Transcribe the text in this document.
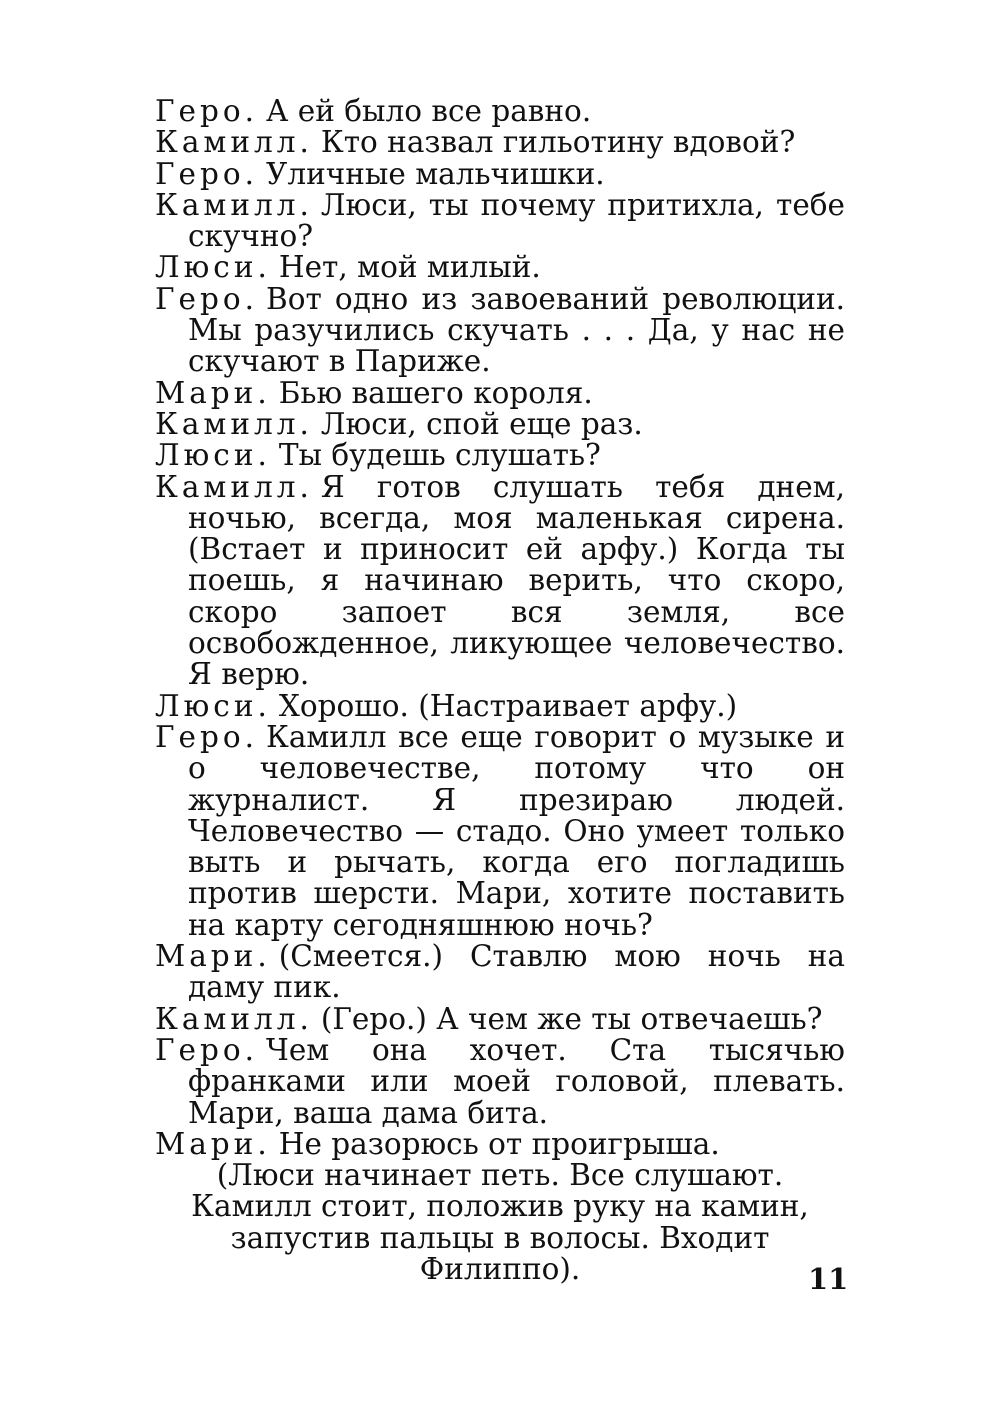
Геро. А ей было все равно.
Камилл. Кто назвал гильотину вдовой?
Геро. Уличные мальчишки.
Камилл. Люси, ты почему притихла, тебе скучно?
Люси. Нет, мой милый.
Геро. Вот одно из завоеваний революции. Мы разучились скучать . . . Да, у нас не скучают в Париже.
Мари. Бью вашего короля.
Камилл. Люси, спой еще раз.
Люси. Ты будешь слушать?
Камилл. Я готов слушать тебя днем, ночью, всегда, моя маленькая сирена. (Встает и приносит ей арфу.) Когда ты поешь, я начинаю верить, что скоро, скоро запоет вся земля, все освобожденное, ликующее человечество. Я верю.
Люси. Хорошо. (Настраивает арфу.)
Геро. Камилл все еще говорит о музыке и о человечестве, потому что он журналист. Я презираю людей. Человечество — стадо. Оно умеет только выть и рычать, когда его погладишь против шерсти. Мари, хотите поставить на карту сегодняшнюю ночь?
Мари. (Смеется.) Ставлю мою ночь на даму пик.
Камилл. (Геро.) А чем же ты отвечаешь?
Геро. Чем она хочет. Ста тысячью франками или моей головой, плевать. Мари, ваша дама бита.
Мари. Не разорюсь от проигрыша.
(Люси начинает петь. Все слушают. Камилл стоит, положив руку на камин, запустив пальцы в волосы. Входит Филиппо).	11
